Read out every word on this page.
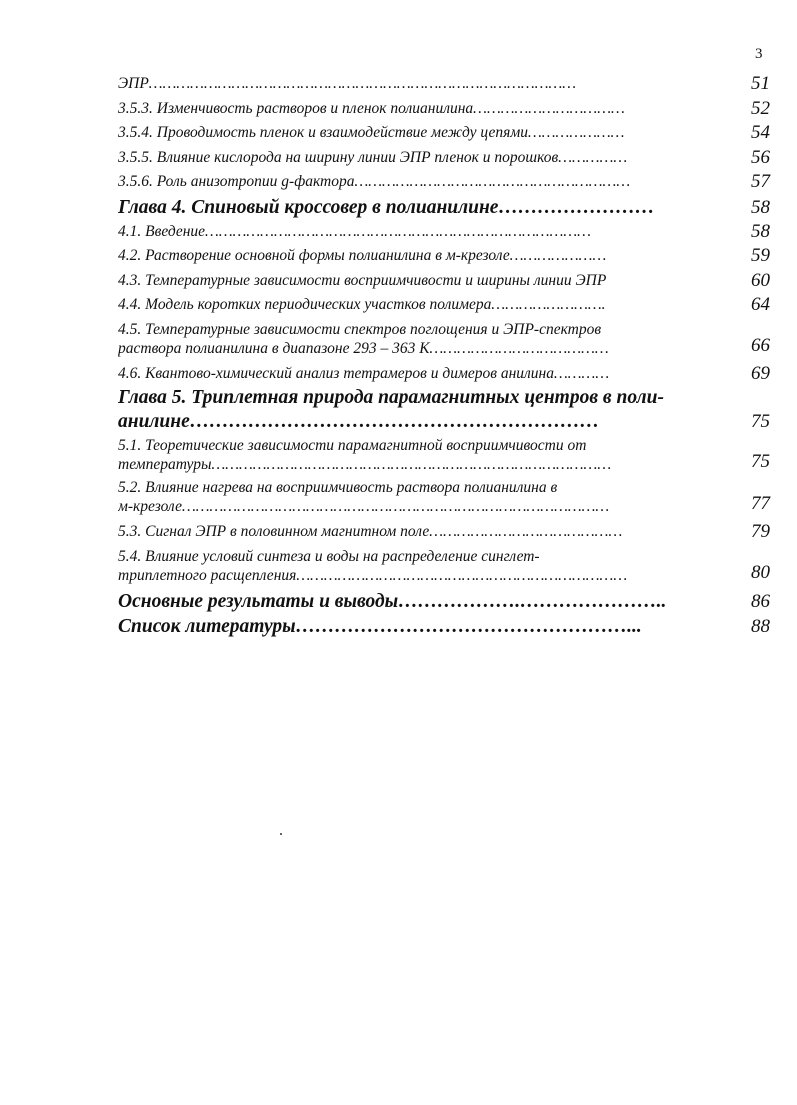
3
ЭПР…………………………………………………………………………………	51
3.5.3. Изменчивость растворов и пленок полианилина……………………………	52
3.5.4. Проводимость пленок и взаимодействие между цепями…………………	54
3.5.5. Влияние кислорода на ширину линии ЭПР пленок и порошков……………	56
3.5.6. Роль анизотропии g-фактора……………………………………………………	57
Глава 4. Спиновый кроссовер в полианилине……………………	58
4.1. Введение…………………………………………………………………………	58
4.2. Растворение основной формы полианилина в м-крезоле…………………	59
4.3. Температурные зависимости восприимчивости и ширины линии ЭПР	60
4.4. Модель коротких периодических участков полимера…………………….	64
4.5. Температурные зависимости спектров поглощения и ЭПР-спектров
раствора полианилина в диапазоне 293 – 363 К…………………………………	66
4.6. Квантово-химический анализ тетрамеров и димеров анилина…………	69
Глава 5. Триплетная природа парамагнитных центров в поли-
анилине………………………………………………………	75
5.1. Теоретические зависимости парамагнитной восприимчивости от
температуры……………………………………………………………………………	75
5.2. Влияние нагрева на восприимчивость раствора полианилина в
м-крезоле…………………………………………………………………………………	77
5.3. Сигнал ЭПР в половинном магнитном поле……………………………………	79
5.4. Влияние условий синтеза и воды на распределение синглет-
триплетного расщепления………………………………………………………………	80
Основные результаты и выводы……………….…………………..	86
Список литературы……………………………………………...	88
